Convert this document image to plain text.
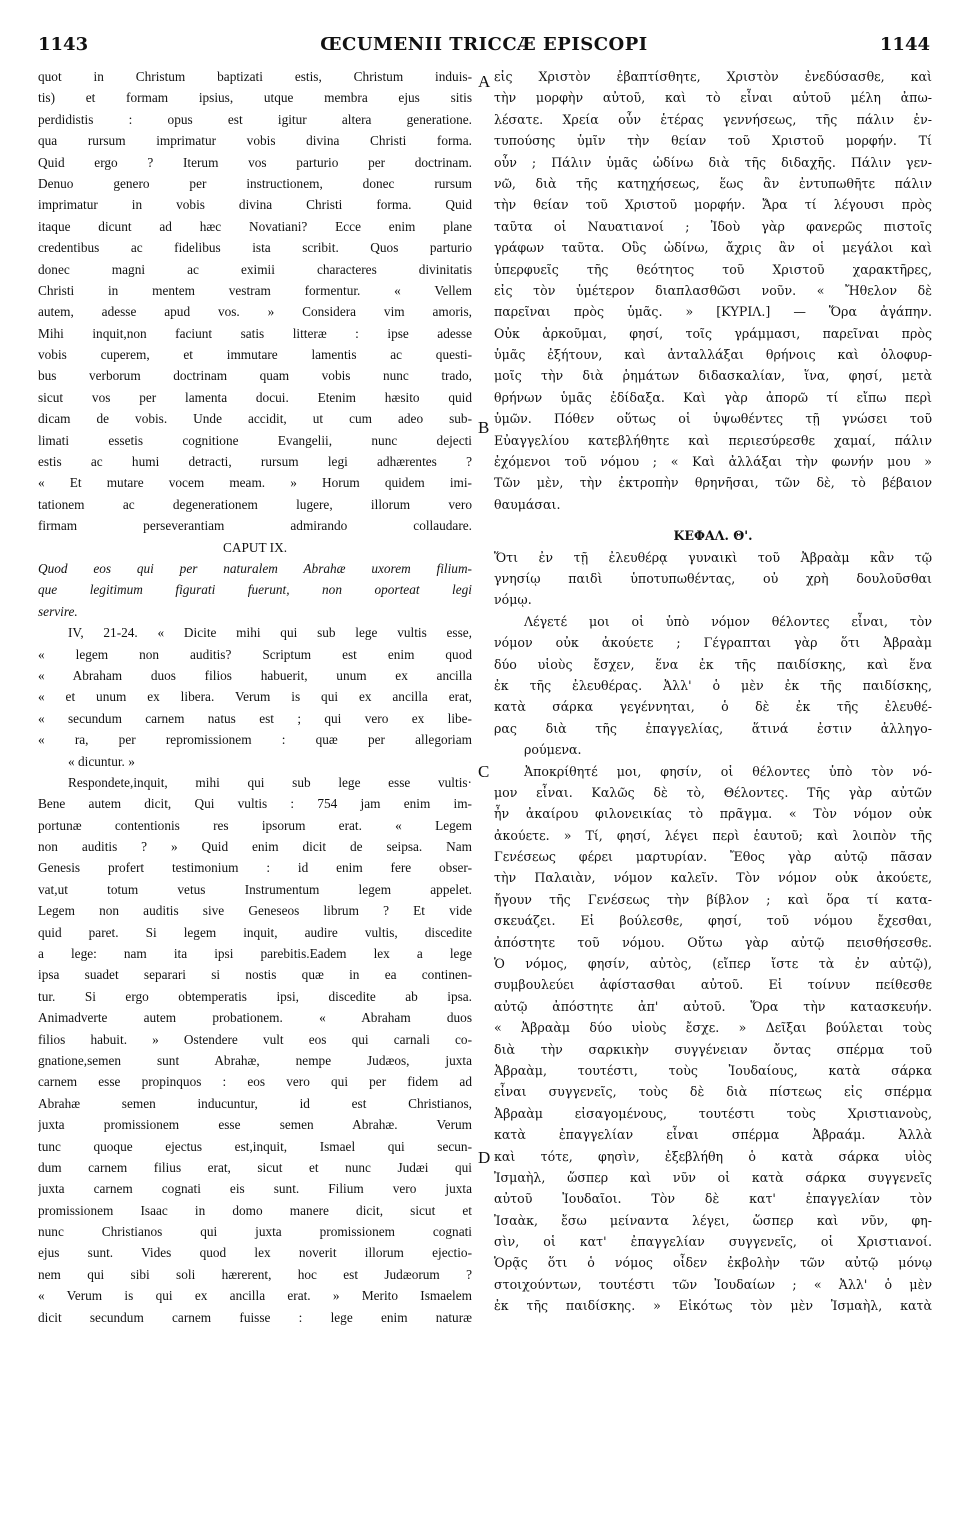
1143	ŒCUMENII TRICCÆ EPISCOPI	1144
quot in Christum baptizati estis, Christum induis-
tis) et formam ipsius, utque membra ejus sitis
perdidistis : opus est igitur altera generatione.
qua rursum imprimatur vobis divina Christi forma.
Quid ergo ? Iterum vos parturio per doctrinam.
Denuo genero per instructionem, donec rursum
imprimatur in vobis divina Christi forma. Quid
itaque dicunt ad hæc Novatiani? Ecce enim plane
credentibus ac fidelibus ista scribit. Quos parturio
donec magni ac eximii characteres divinitatis
Christi in mentem vestram formentur. « Vellem
autem, adesse apud vos. » Considera vim amoris,
Mihi inquit,non faciunt satis litteræ : ipse adesse
vobis cuperem, et immutare lamentis ac questi-
bus verborum doctrinam quam vobis nunc trado,
sicut vos per lamenta docui. Etenim hæsito quid
dicam de vobis. Unde accidit, ut cum adeo sub-
limati essetis cognitione Evangelii, nunc dejecti
estis ac humi detracti, rursum legi adhærentes ?
« Et mutare vocem meam. » Horum quidem imi-
tationem ac degenerationem lugere, illorum vero
firmam perseverantiam admirando collaudare.
CAPUT IX.
Quod eos qui per naturalem Abrahæ uxorem filium-
que legitimum figurati fuerunt, non oporteat legi
servire.
IV, 21-24. « Dicite mihi qui sub lege vultis esse,
« legem non auditis? Scriptum est enim quod
« Abraham duos filios habuerit, unum ex ancilla
« et unum ex libera. Verum is qui ex ancilla erat,
« secundum carnem natus est ; qui vero ex libe-
« ra, per repromissionem : quæ per allegoriam
« dicuntur. »
Respondete,inquit, mihi qui sub lege esse vultis·
Bene autem dicit, Qui vultis : 754 jam enim im-
portunæ contentionis res ipsorum erat. « Legem
non auditis ? » Quid enim dicit de seipsa. Nam
Genesis profert testimonium : id enim fere obser-
vat,ut totum vetus Instrumentum legem appelet.
Legem non auditis sive Geneseos librum ? Et vide
quid paret. Si legem inquit, audire vultis, discedite
a lege: nam ita ipsi parebitis.Eadem lex a lege
ipsa suadet separari si nostis quæ in ea continen-
tur. Si ergo obtemperatis ipsi, discedite ab ipsa.
Animadverte autem probationem. « Abraham duos
filios habuit. » Ostendere vult eos qui carnali co-
gnatione,semen sunt Abrahæ, nempe Judæos, juxta
carnem esse propinquos : eos vero qui per fidem ad
Abrahæ semen inducuntur, id est Christianos,
juxta promissionem esse semen Abrahæ. Verum
tunc quoque ejectus est,inquit, Ismael qui secun-
dum carnem filius erat, sicut et nunc Judæi qui
juxta carnem cognati eis sunt. Filium vero juxta
promissionem Isaac in domo manere dicit, sicut et
nunc Christianos qui juxta promissionem cognati
ejus sunt. Vides quod lex noverit illorum ejectio-
nem qui sibi soli hærerent, hoc est Judæorum ?
« Verum is qui ex ancilla erat. » Merito Ismaelem
dicit secundum carnem fuisse : lege enim naturæ
εἰς Χριστὸν ἐβαπτίσθητε, Χριστὸν ἐνεδύσασθε, καὶ
τὴν μορφὴν αὐτοῦ, καὶ τὸ εἶναι αὐτοῦ μέλη ἀπω-
λέσατε. Χρεία οὖν ἑτέρας γεννήσεως, τῆς πάλιν ἐν-
τυπούσης ὑμῖν τὴν θείαν τοῦ Χριστοῦ μορφήν. Τί
οὖν ; Πάλιν ὑμᾶς ὠδίνω διὰ τῆς διδαχῆς. Πάλιν γεν-
νῶ, διὰ τῆς κατηχήσεως, ἕως ἂν ἐντυπωθῆτε πάλιν
τὴν θείαν τοῦ Χριστοῦ μορφήν. Ἄρα τί λέγουσι πρὸς
ταῦτα οἱ Ναυατιανοί ; Ἰδοὺ γὰρ φανερῶς πιστοῖς
γράφων ταῦτα. Οὓς ὠδίνω, ἄχρις ἂν οἱ μεγάλοι καὶ
ὑπερφυεῖς τῆς θεότητος τοῦ Χριστοῦ χαρακτῆρες,
εἰς τὸν ὑμέτερον διαπλασθῶσι νοῦν. « Ἤθελον δὲ
παρεῖναι πρὸς ὑμᾶς. » [ΚΥΡΙΛ.] — Ὅρα ἀγάπην.
Οὐκ ἀρκοῦμαι, φησί, τοῖς γράμμασι, παρεῖναι πρὸς
ὑμᾶς ἐξήτουν, καὶ ἀνταλλάξαι θρήνοις καὶ ὀλοφυρ-
μοῖς τὴν διὰ ῥημάτων διδασκαλίαν, ἵνα, φησί, μετὰ
θρήνων ὑμᾶς ἐδίδαξα. Καὶ γὰρ ἀπορῶ τί εἴπω περὶ
ὑμῶν. Πόθεν οὕτως οἱ ὑψωθέντες τῇ γνώσει τοῦ
Εὐαγγελίου κατεβλήθητε καὶ περιεσύρεσθε χαμαί, πάλιν
ἐχόμενοι τοῦ νόμου ; « Καὶ ἀλλάξαι τὴν φωνήν μου »
Τῶν μὲν, τὴν ἐκτροπὴν θρηνῆσαι, τῶν δὲ, τὸ βέβαιον
θαυμάσαι.
ΚΕΦΑΛ. Θ'.
Ὅτι ἐν τῇ ἐλευθέρᾳ γυναικὶ τοῦ Ἀβραὰμ κἂν τῷ
γνησίῳ παιδὶ ὑποτυπωθέντας, οὐ χρὴ δουλοῦσθαι
νόμῳ.
Λέγετέ μοι οἱ ὑπὸ νόμον θέλοντες εἶναι, τὸν
νόμον οὐκ ἀκούετε ; Γέγραπται γὰρ ὅτι Ἀβραὰμ
δύο υἱοὺς ἔσχεν, ἕνα ἐκ τῆς παιδίσκης, καὶ ἕνα
ἐκ τῆς ἐλευθέρας. Ἀλλ' ὁ μὲν ἐκ τῆς παιδίσκης,
κατὰ σάρκα γεγέννηται, ὁ δὲ ἐκ τῆς ἐλευθέ-
ρας διὰ τῆς ἐπαγγελίας, ἅτινά ἐστιν ἀλληγο-
ρούμενα.
Ἀποκρίθητέ μοι, φησίν, οἱ θέλοντες ὑπὸ τὸν νό-
μον εἶναι. Καλῶς δὲ τὸ, Θέλοντες. Τῆς γὰρ αὐτῶν
ἦν ἀκαίρου φιλονεικίας τὸ πρᾶγμα. « Τὸν νόμον οὐκ
ἀκούετε. » Τί, φησί, λέγει περὶ ἑαυτοῦ; καὶ λοιπὸν τῆς
Γενέσεως φέρει μαρτυρίαν. Ἔθος γὰρ αὐτῷ πᾶσαν
τὴν Παλαιὰν, νόμον καλεῖν. Τὸν νόμον οὐκ ἀκούετε,
ἤγουν τῆς Γενέσεως τὴν βίβλον ; καὶ ὅρα τί κατα-
σκευάζει. Εἰ βούλεσθε, φησί, τοῦ νόμου ἔχεσθαι,
ἀπόστητε τοῦ νόμου. Οὕτω γὰρ αὐτῷ πεισθήσεσθε.
Ὁ νόμος, φησίν, αὐτὸς, (εἴπερ ἴστε τὰ ἐν αὐτῷ),
συμβουλεύει ἀφίστασθαι αὐτοῦ. Εἰ τοίνυν πείθεσθε
αὐτῷ ἀπόστητε ἀπ' αὐτοῦ. Ὅρα τὴν κατασκευήν.
« Ἀβραὰμ δύο υἱοὺς ἔσχε. » Δεῖξαι βούλεται τοὺς
διὰ τὴν σαρκικὴν συγγένειαν ὄντας σπέρμα τοῦ
Ἀβραὰμ, τουτέστι, τοὺς Ἰουδαίους, κατὰ σάρκα
εἶναι συγγενεῖς, τοὺς δὲ διὰ πίστεως εἰς σπέρμα
Ἀβραὰμ εἰσαγομένους, τουτέστι τοὺς Χριστιανοὺς,
κατὰ ἐπαγγελίαν εἶναι σπέρμα Ἀβραάμ. Ἀλλὰ
καὶ τότε, φησὶν, ἐξεβλήθη ὁ κατὰ σάρκα υἱὸς
Ἰσμαὴλ, ὥσπερ καὶ νῦν οἱ κατὰ σάρκα συγγενεῖς
αὐτοῦ Ἰουδαῖοι. Τὸν δὲ κατ' ἐπαγγελίαν τὸν
Ἰσαὰκ, ἔσω μείναντα λέγει, ὥσπερ καὶ νῦν, φη-
σὶν, οἱ κατ' ἐπαγγελίαν συγγενεῖς, οἱ Χριστιανοί.
Ὁρᾷς ὅτι ὁ νόμος οἶδεν ἐκβολὴν τῶν αὐτῷ μόνῳ
στοιχούντων, τουτέστι τῶν Ἰουδαίων ; « Ἀλλ' ὁ μὲν
ἐκ τῆς παιδίσκης. » Εἰκότως τὸν μὲν Ἰσμαὴλ, κατὰ
A
B
C
D
